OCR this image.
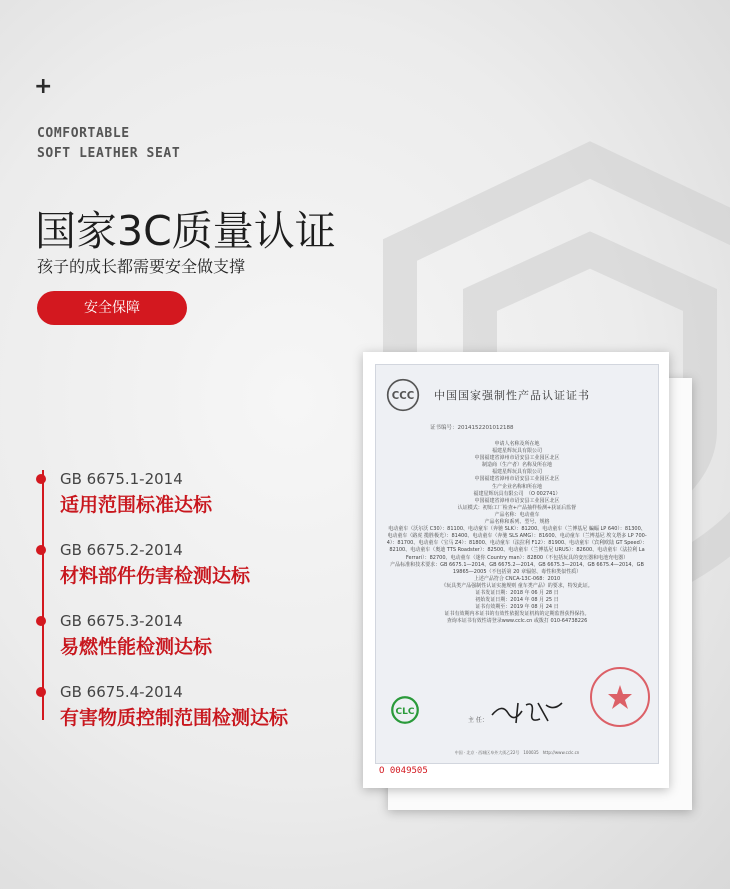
+
COMFORTABLE
SOFT LEATHER SEAT
国家3C质量认证
孩子的成长都需要安全做支撑
安全保障
GB 6675.1-2014
适用范围标准达标
GB 6675.2-2014
材料部件伤害检测达标
GB 6675.3-2014
易燃性能检测达标
GB 6675.4-2014
有害物质控制范围检测达标
CCC 中国国家强制性产品认证证书
证书编号：2014152201012188
申请人名称及所在地
福建星辉玩具有限公司
中国福建省漳州市诏安县工业园区北区
制造商（生产者）名称及所在地
福建星辉玩具有限公司
中国福建省漳州市诏安县工业园区北区
生产企业名称和所在地
福建星辉玩具有限公司　（O 002741）
中国福建省漳州市诏安县工业园区北区
认证模式：初始工厂检查+产品抽样检测+获证后监督
产品名称：电动童车
产品名称和系列、型号、规格
电动童车（沃尔沃 C30）：81100、电动童车（奔驰 SLK）：81200、电动童车（兰博基尼 蝙蝠 LP 640）：81300、电动童车（路虎 揽胜极光）：81400、电动童车（奔驰 SLS AMG）：81600、电动童车（兰博基尼 埃文塔多 LP 700-4）：81700、电动童车（宝马 Z4）：81800、电动童车（法拉利 F12）：81900、电动童车（宾利欧陆 GT Speed）：82100、电动童车（奥迪 TTS Roadster）：82500、电动童车（兰博基尼 URUS）：82600、电动童车（法拉利 La Ferrari）：82700、电动童车（迷你 Country man）：82800（不包括玩具的变压器和电池充电器）
产品标准和技术要求：GB 6675.1—2014、GB 6675.2—2014、GB 6675.3—2014、GB 6675.4—2014、GB 19865—2005（不包括第 20 章辐射、毒性和类似性质）
上述产品符合 CNCA-13C-068：2010
《玩具类产品强制性认证实施规则 童车类产品》的要求，特发此证。
证书发证日期：2018 年 06 月 28 日
初始发证日期：2014 年 08 月 25 日
证书有效期至：2019 年 08 月 24 日
证书有效期内本证书的有效性依据发证机构的定期监督获得保持。
查询本证书有效性请登录www.cclc.cn 或拨打 010-64738226
CLC
主 任：
中国 · 北京 · 西城区阜外大街乙22号　100035　http://www.cclc.cn
O 0049505
